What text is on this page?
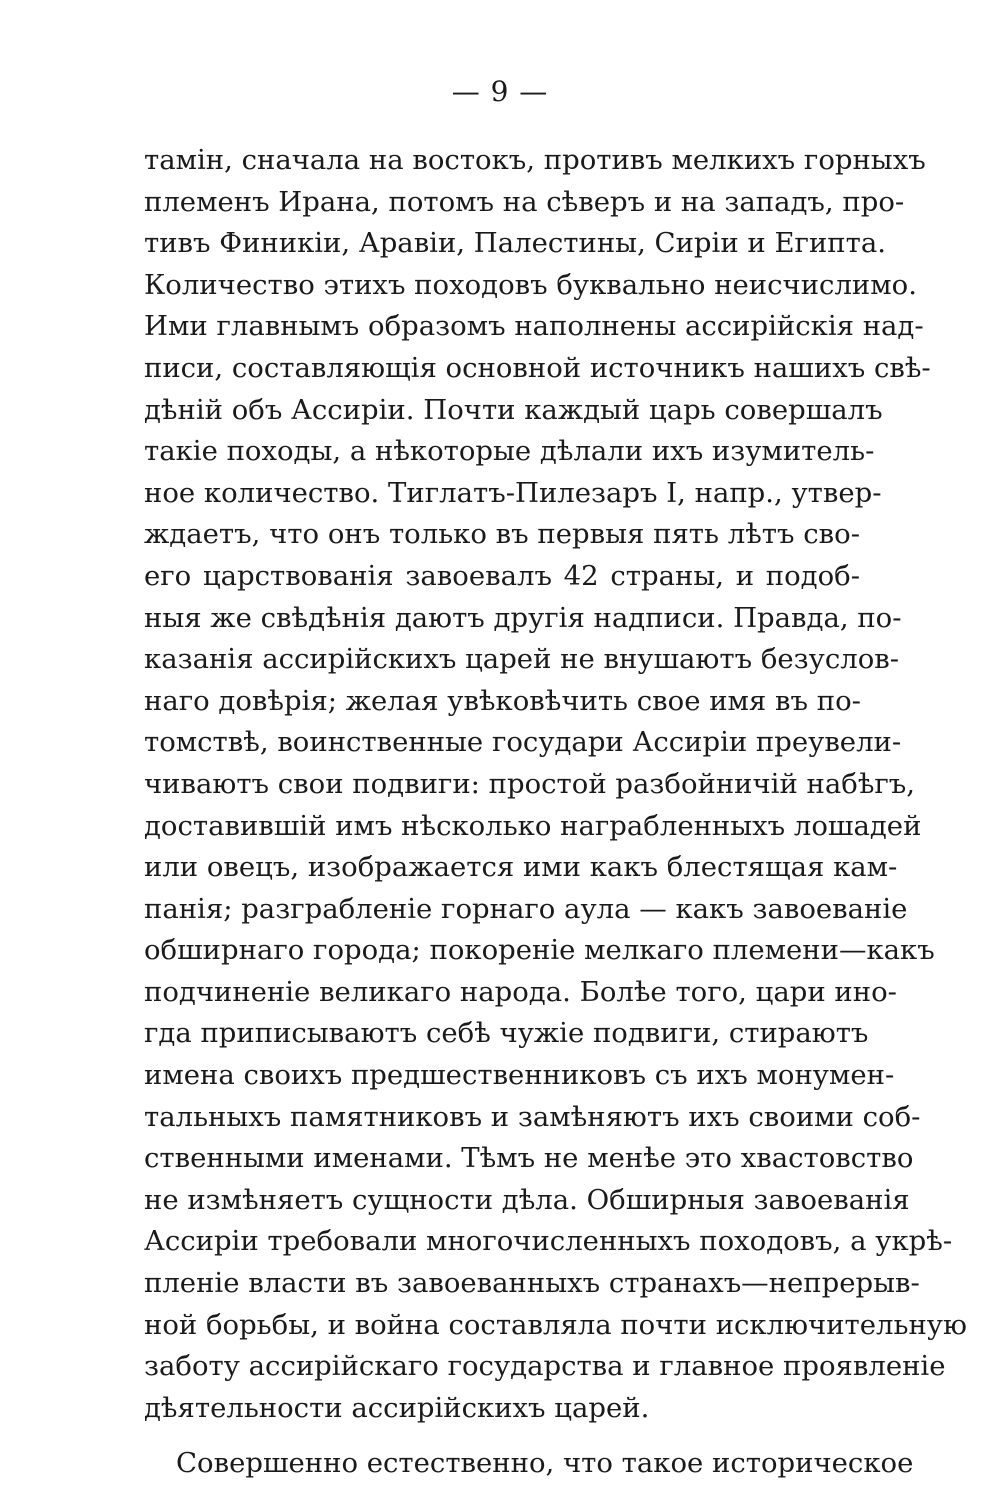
— 9 —
тамін, сначала на востокъ, противъ мелкихъ горныхъ
племенъ Ирана, потомъ на сѣверъ и на западъ, про-
тивъ Финикіи, Аравіи, Палестины, Сиріи и Египта.
Количество этихъ походовъ буквально неисчислимо.
Ими главнымъ образомъ наполнены ассирійскія над-
писи, составляющія основной источникъ нашихъ свѣ-
дѣній объ Ассиріи. Почти каждый царь совершалъ
такіе походы, а нѣкоторые дѣлали ихъ изумитель-
ное количество. Тиглатъ-Пилезаръ I, напр., утвер-
ждаетъ, что онъ только въ первыя пять лѣтъ сво-
его царствованія завоевалъ 42 страны, и подоб-
ныя же свѣдѣнія даютъ другія надписи. Правда, по-
казанія ассирійскихъ царей не внушаютъ безуслов-
наго довѣрія; желая увѣковѣчить свое имя въ по-
томствѣ, воинственные государи Ассиріи преувели-
чиваютъ свои подвиги: простой разбойничій набѣгъ,
доставившій имъ нѣсколько награбленныхъ лошадей
или овецъ, изображается ими какъ блестящая кам-
панія; разграбленіе горнаго аула — какъ завоеваніе
обширнаго города; покореніе мелкаго племени—какъ
подчиненіе великаго народа. Болѣе того, цари ино-
гда приписываютъ себѣ чужіе подвиги, стираютъ
имена своихъ предшественниковъ съ ихъ монумен-
тальныхъ памятниковъ и замѣняютъ ихъ своими соб-
ственными именами. Тѣмъ не менѣе это хвастовство
не измѣняетъ сущности дѣла. Обширныя завоеванія
Ассиріи требовали многочисленныхъ походовъ, а укрѣ-
пленіе власти въ завоеванныхъ странахъ—непрерыв-
ной борьбы, и война составляла почти исключительную
заботу ассирійскаго государства и главное проявленіе
дѣятельности ассирійскихъ царей.
Совершенно естественно, что такое историческое
